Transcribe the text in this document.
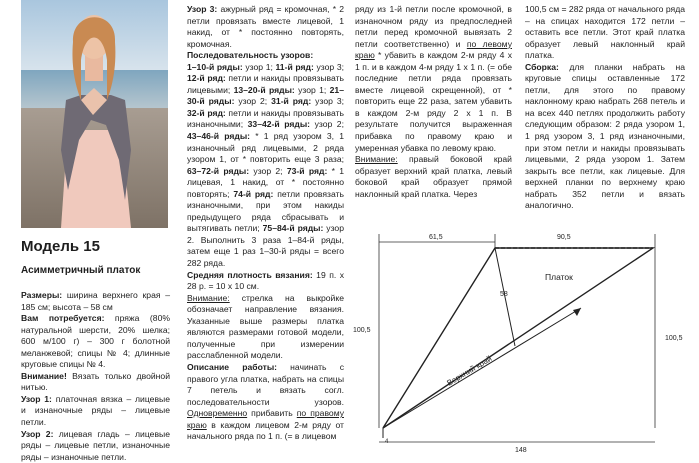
Модель 15
Асимметричный платок

Размеры: ширина верхнего края – 185 см; высота – 58 см

Вам потребуется: пряжа (80% натуральной шерсти, 20% шелка; 600 м/100 г) – 300 г болотной меланжевой; спицы № 4; длинные круговые спицы № 4.

Внимание! Вязать только двойной нитью.

Узор 1: платочная вязка – лицевые и изнаночные ряды – лицевые петли.

Узор 2: лицевая гладь – лицевые ряды – лицевые петли, изнаночные ряды – изнаночные петли.

Узор 3: ажурный ряд = кромочная, * 2 петли провязать вместе лицевой, 1 накид, от * постоянно повторять, кромочная.

Последовательность узоров:

1–10-й ряды: узор 1; 11-й ряд: узор 3; 12-й ряд: петли и накиды провязывать лицевыми; 13–20-й ряды: узор 1; 21–30-й ряды: узор 2; 31-й ряд: узор 3; 32-й ряд: петли и накиды провязывать изнаночными; 33–42-й ряды: узор 2; 43–46-й ряды: * 1 ряд узором 3, 1 изнаночный ряд лицевыми, 2 ряда узором 1, от * повторить еще 3 раза; 63–72-й ряды: узор 2; 73-й ряд: * 1 лицевая, 1 накид, от * постоянно повторять; 74-й ряд: петли провязать изнаночными, при этом накиды предыдущего ряда сбрасывать и вытягивать петли; 75–84-й ряды: узор 2. Выполнить 3 раза 1–84-й ряды, затем еще 1 раз 1–30-й ряды = всего 282 ряда.

Средняя плотность вязания: 19 п. x 28 р. = 10 x 10 см.

Внимание: стрелка на выкройке обозначает направление вязания. Указанные выше размеры платка являются размерами готовой модели, полученные при измерении расслабленной модели.

Описание работы: начинать с правого угла платка, набрать на спицы 7 петель и вязать согл. последовательности узоров. Одновременно прибавить по правому краю в каждом лицевом 2-м ряду от начального ряда по 1 п. (= в лицевом

ряду из 1-й петли после кромочной, в изнаночном ряду из предпоследней петли перед кромочной вывязать 2 петли соответственно) и по левому краю * убавить в каждом 2-м ряду 4 x 1 п. и в каждом 4-м ряду 1 x 1 п. (= обе последние петли ряда провязать вместе лицевой скрещенной), от * повторить еще 22 раза, затем убавить в каждом 2-м ряду 2 x 1 п. В результате получится выраженная прибавка по правому краю и умеренная убавка по левому краю.

Внимание: правый боковой край образует верхний край платка, левый боковой край образует прямой наклонный край платка. Через

100,5 см = 282 ряда от начального ряда – на спицах находится 172 петли – оставить все петли. Этот край платка образует левый наклонный край платка.

Сборка: для планки набрать на круговые спицы оставленные 172 петли, для этого по правому наклонному краю набрать 268 петель и на всех 440 петлях продолжить работу следующим образом: 2 ряда узором 1, 1 ряд узором 3, 1 ряд изнаночными, при этом петли и накиды провязывать лицевыми, 2 ряда узором 1. Затем закрыть все петли, как лицевые. Для верхней планки по верхнему краю набрать 352 петли и вязать аналогично.

61,5	90,5
58
100,5
100,5
148
4
Платок
Верхний край
